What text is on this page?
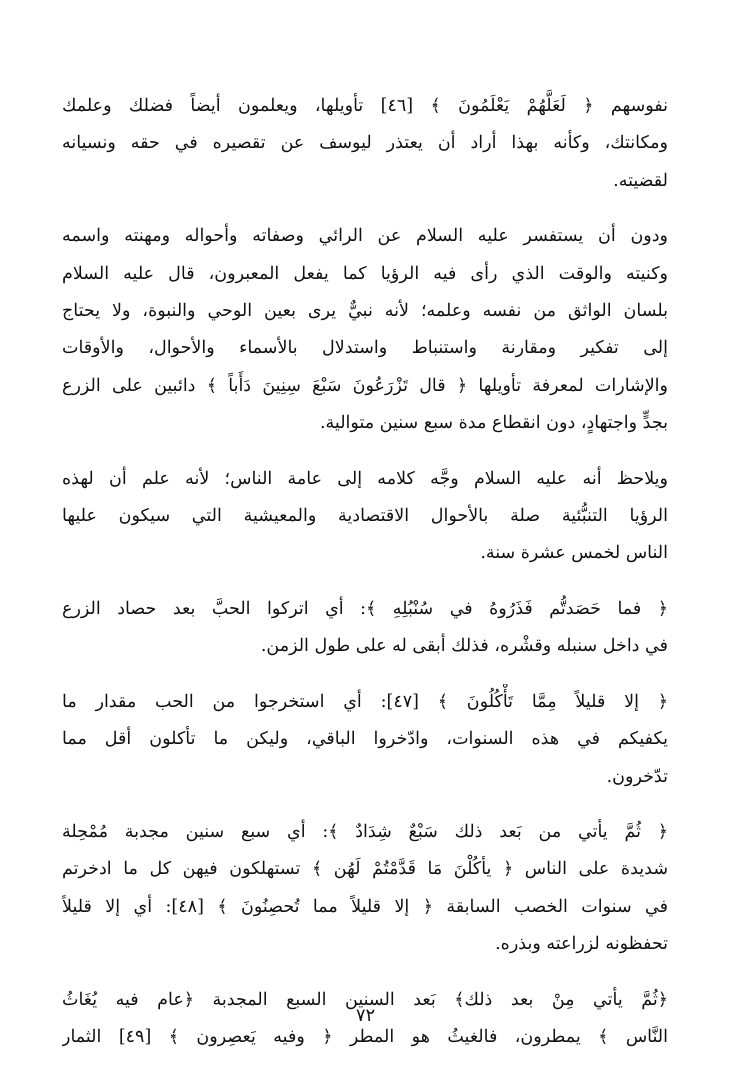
نفوسهم ﴿ لَعَلَّهُمْ يَعْلَمُونَ ﴾ [٤٦] تأويلها، ويعلمون أيضاً فضلك وعلمك
ومكانتك، وكأنه بهذا أراد أن يعتذر ليوسف عن تقصيره في حقه ونسيانه
لقضيته.

ودون أن يستفسر عليه السلام عن الرائي وصفاته وأحواله ومهنته واسمه
وكنيته والوقت الذي رأى فيه الرؤيا كما يفعل المعبرون، قال عليه السلام
بلسان الواثق من نفسه وعلمه؛ لأنه نبيٌّ يرى بعين الوحي والنبوة، ولا يحتاج
إلى تفكير ومقارنة واستنباط واستدلال بالأسماء والأحوال، والأوقات
والإشارات لمعرفة تأويلها ﴿ قال تَزْرَعُونَ سَبْعَ سِنِينَ دَأَباً ﴾ دائبين على الزرع
بجدٍّ واجتهادٍ، دون انقطاع مدة سبع سنين متوالية.

ويلاحظ أنه عليه السلام وجَّه كلامه إلى عامة الناس؛ لأنه علم أن لهذه
الرؤيا التنبُّئية صلة بالأحوال الاقتصادية والمعيشية التي سيكون عليها
الناس لخمس عشرة سنة.

﴿ فما حَصَدتُّم فَذَرُوهُ في سُنْبُلِهِ ﴾: أي اتركوا الحبَّ بعد حصاد الزرع
في داخل سنبله وقشْره، فذلك أبقى له على طول الزمن.

﴿ إلا قليلاً مِمَّا تَأْكُلُونَ ﴾ [٤٧]: أي استخرجوا من الحب مقدار ما
يكفيكم في هذه السنوات، وادّخروا الباقي، وليكن ما تأكلون أقل مما
تدّخرون.

﴿ ثُمَّ يأتي من بَعد ذلك سَبْعٌ شِدَادٌ ﴾: أي سبع سنين مجدبة مُمْحِلة
شديدة على الناس ﴿ يأكُلْنَ مَا قَدَّمْتُمْ لَهُن ﴾ تستهلكون فيهن كل ما ادخرتم
في سنوات الخصب السابقة ﴿ إلا قليلاً مما تُحصِنُونَ ﴾ [٤٨]: أي إلا قليلاً
تحفظونه لزراعته وبذره.

﴿ثُمَّ يأتي مِنْ بعد ذلك﴾ بَعد السنين السبع المجدبة ﴿عام فيه يُغَاثُ
النَّاس ﴾ يمطرون، فالغيثُ هو المطر ﴿ وفيه يَعصِرون ﴾ [٤٩] الثمار

٧٢
